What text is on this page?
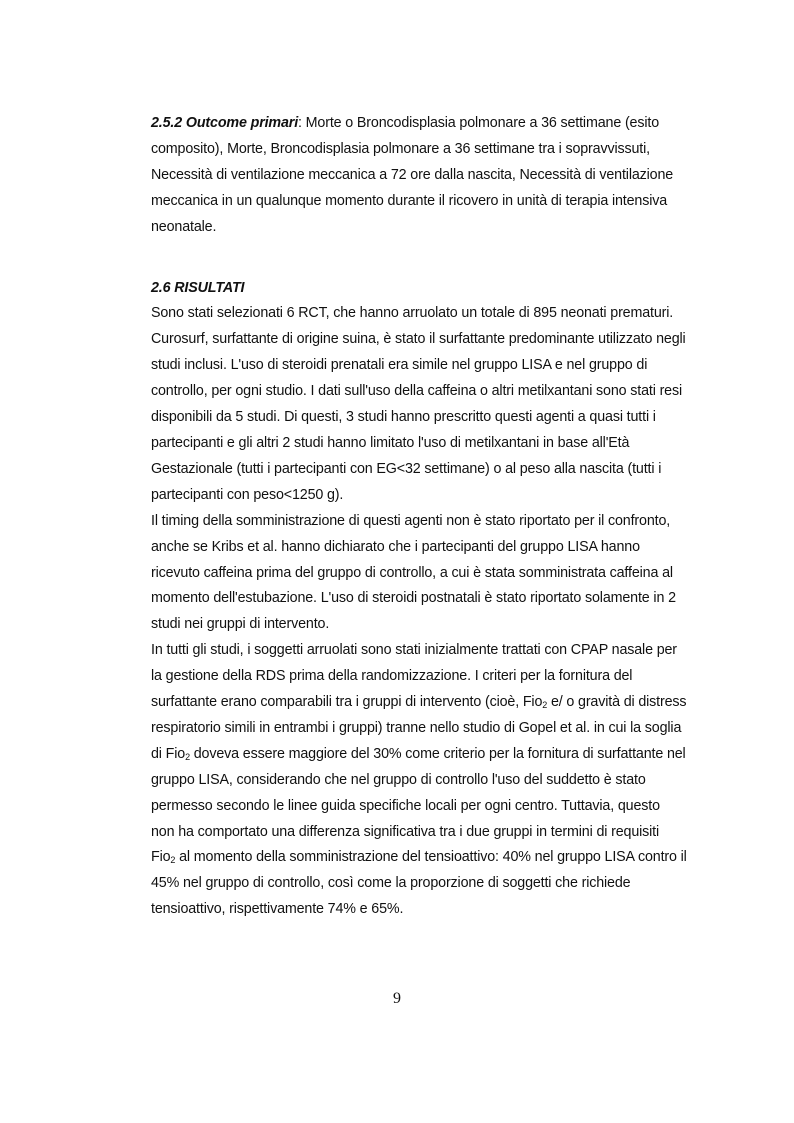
2.5.2 Outcome primari: Morte o Broncodisplasia polmonare a 36 settimane (esito composito), Morte, Broncodisplasia polmonare a 36 settimane tra i sopravvissuti, Necessità di ventilazione meccanica a 72 ore dalla nascita, Necessità di ventilazione meccanica in un qualunque momento durante il ricovero in unità di terapia intensiva neonatale.

2.6 RISULTATI

Sono stati selezionati 6 RCT, che hanno arruolato un totale di 895 neonati prematuri.

Curosurf, surfattante di origine suina, è stato il surfattante predominante utilizzato negli studi inclusi. L'uso di steroidi prenatali era simile nel gruppo LISA e nel gruppo di controllo, per ogni studio. I dati sull'uso della caffeina o altri metilxantani sono stati resi disponibili da 5 studi. Di questi, 3 studi hanno prescritto questi agenti a quasi tutti i partecipanti e gli altri 2 studi hanno limitato l'uso di metilxantani in base all'Età Gestazionale (tutti i partecipanti con EG<32 settimane) o al peso alla nascita (tutti i partecipanti con peso<1250 g).

Il timing della somministrazione di questi agenti non è stato riportato per il confronto, anche se Kribs et al. hanno dichiarato che i partecipanti del gruppo LISA hanno ricevuto caffeina prima del gruppo di controllo, a cui è stata somministrata caffeina al momento dell'estubazione. L'uso di steroidi postnatali è stato riportato solamente in 2 studi nei gruppi di intervento.

In tutti gli studi, i soggetti arruolati sono stati inizialmente trattati con CPAP nasale per la gestione della RDS prima della randomizzazione. I criteri per la fornitura del surfattante erano comparabili tra i gruppi di intervento (cioè, Fio$_2$ e/ o gravità di distress respiratorio simili in entrambi i gruppi) tranne nello studio di Gopel et al. in cui la soglia di Fio$_2$ doveva essere maggiore del 30% come criterio per la fornitura di surfattante nel gruppo LISA, considerando che nel gruppo di controllo l'uso del suddetto è stato permesso secondo le linee guida specifiche locali per ogni centro. Tuttavia, questo non ha comportato una differenza significativa tra i due gruppi in termini di requisiti Fio$_2$ al momento della somministrazione del tensioattivo: 40% nel gruppo LISA contro il 45% nel gruppo di controllo, così come la proporzione di soggetti che richiede tensioattivo, rispettivamente 74% e 65%.

9
